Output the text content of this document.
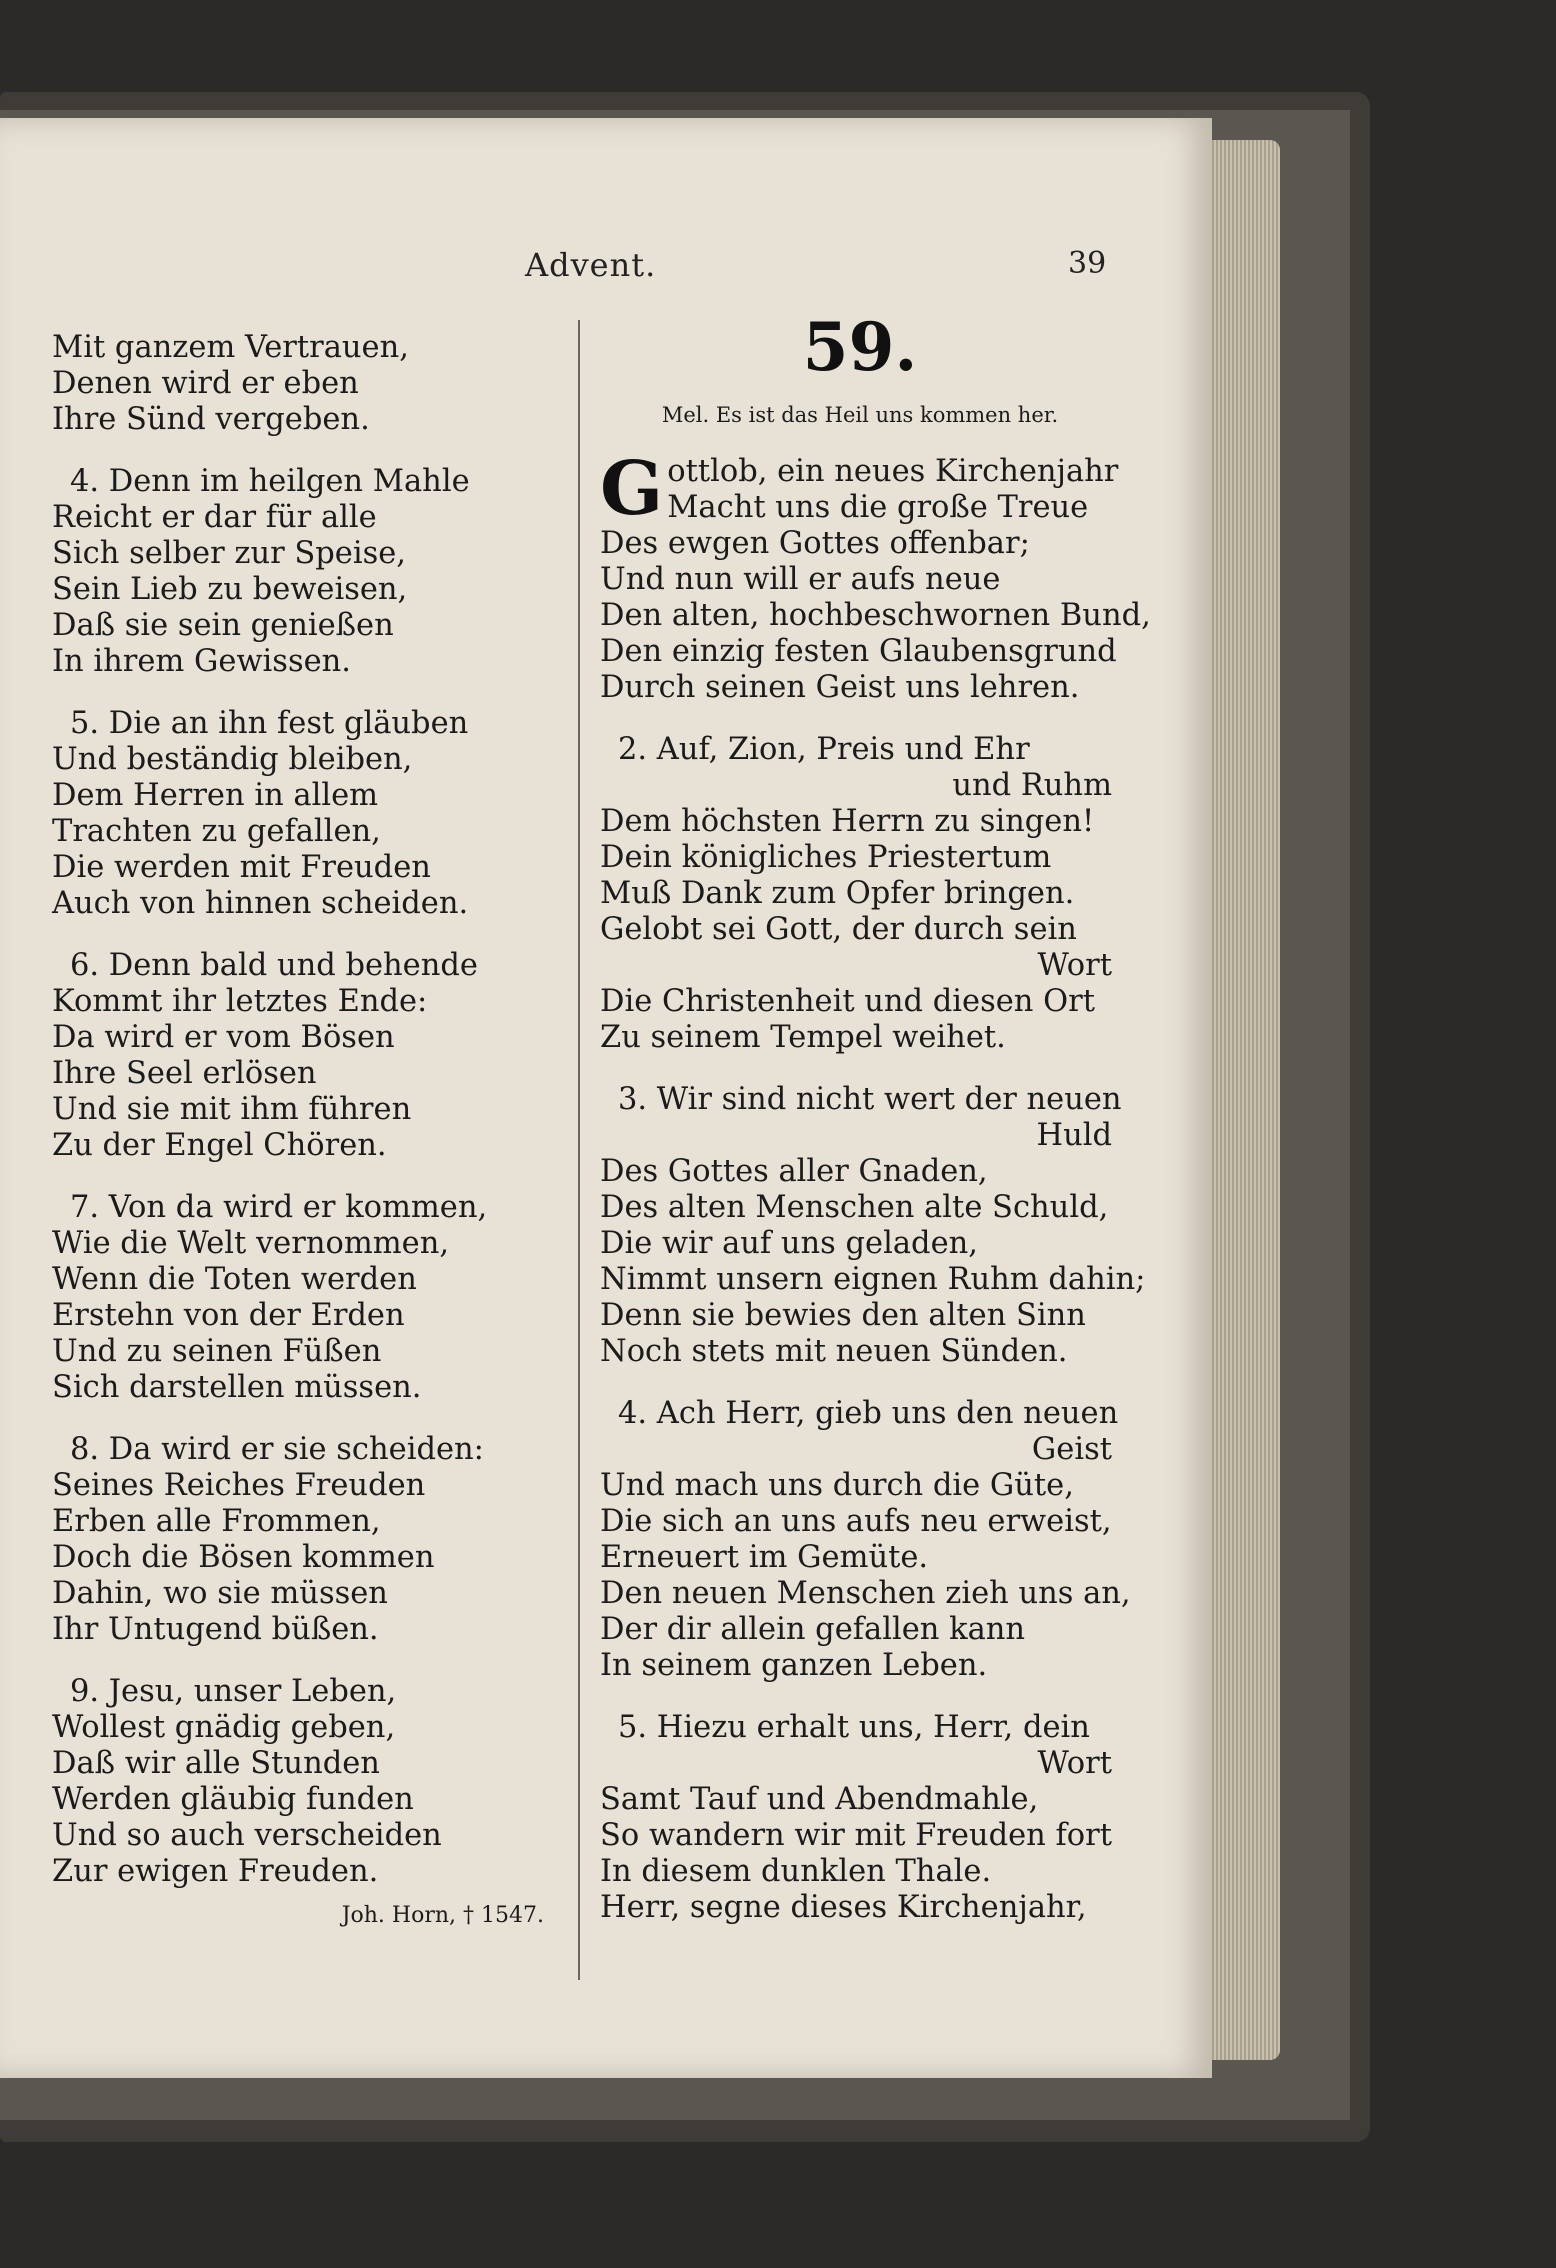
Advent.	39
Mit ganzem Vertrauen,
Denen wird er eben
Ihre Sünd vergeben.
4. Denn im heilgen Mahle
Reicht er dar für alle
Sich selber zur Speise,
Sein Lieb zu beweisen,
Daß sie sein genießen
In ihrem Gewissen.
5. Die an ihn fest gläuben
Und beständig bleiben,
Dem Herren in allem
Trachten zu gefallen,
Die werden mit Freuden
Auch von hinnen scheiden.
6. Denn bald und behende
Kommt ihr letztes Ende:
Da wird er vom Bösen
Ihre Seel erlösen
Und sie mit ihm führen
Zu der Engel Chören.
7. Von da wird er kommen,
Wie die Welt vernommen,
Wenn die Toten werden
Erstehn von der Erden
Und zu seinen Füßen
Sich darstellen müssen.
8. Da wird er sie scheiden:
Seines Reiches Freuden
Erben alle Frommen,
Doch die Bösen kommen
Dahin, wo sie müssen
Ihr Untugend büßen.
9. Jesu, unser Leben,
Wollest gnädig geben,
Daß wir alle Stunden
Werden gläubig funden
Und so auch verscheiden
Zur ewigen Freuden.
Joh. Horn, † 1547.
59.
Mel. Es ist das Heil uns kommen her.
G ottlob, ein neues Kirchenjahr
Macht uns die große Treue
Des ewgen Gottes offenbar;
Und nun will er aufs neue
Den alten, hochbeschwornen Bund,
Den einzig festen Glaubensgrund
Durch seinen Geist uns lehren.
2. Auf, Zion, Preis und Ehr
und Ruhm
Dem höchsten Herrn zu singen!
Dein königliches Priestertum
Muß Dank zum Opfer bringen.
Gelobt sei Gott, der durch sein
Wort
Die Christenheit und diesen Ort
Zu seinem Tempel weihet.
3. Wir sind nicht wert der neuen
Huld
Des Gottes aller Gnaden,
Des alten Menschen alte Schuld,
Die wir auf uns geladen,
Nimmt unsern eignen Ruhm dahin;
Denn sie bewies den alten Sinn
Noch stets mit neuen Sünden.
4. Ach Herr, gieb uns den neuen
Geist
Und mach uns durch die Güte,
Die sich an uns aufs neu erweist,
Erneuert im Gemüte.
Den neuen Menschen zieh uns an,
Der dir allein gefallen kann
In seinem ganzen Leben.
5. Hiezu erhalt uns, Herr, dein
Wort
Samt Tauf und Abendmahle,
So wandern wir mit Freuden fort
In diesem dunklen Thale.
Herr, segne dieses Kirchenjahr,
